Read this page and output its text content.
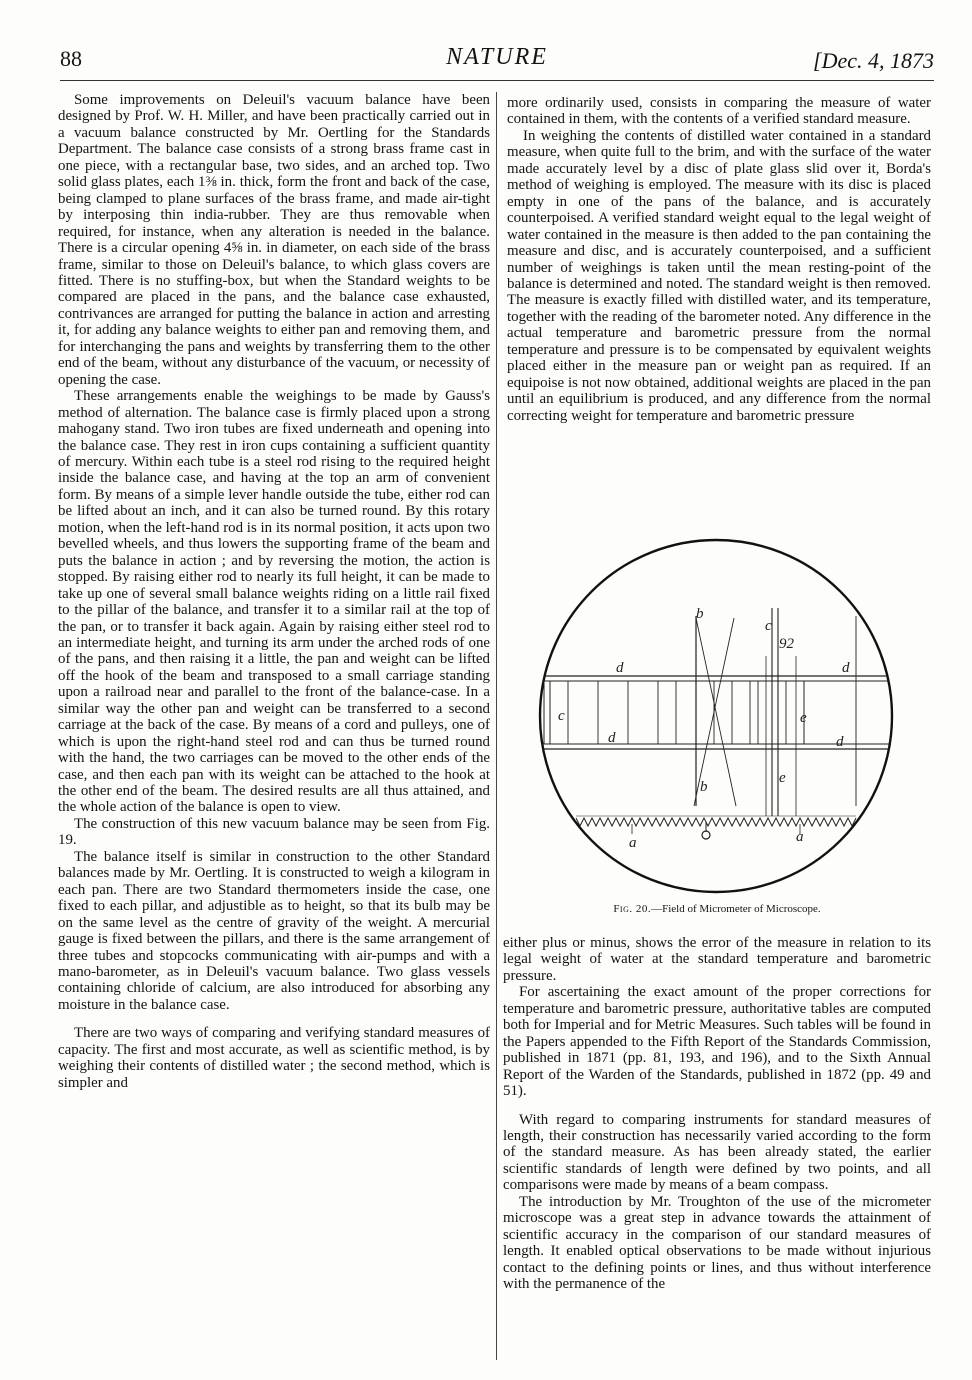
88	NATURE	[Dec. 4, 1873

Some improvements on Deleuil's vacuum balance have been designed by Prof. W. H. Miller, and have been practically carried out in a vacuum balance constructed by Mr. Oertling for the Standards Department. The balance case consists of a strong brass frame cast in one piece, with a rectangular base, two sides, and an arched top. Two solid glass plates, each 1⅜ in. thick, form the front and back of the case, being clamped to plane surfaces of the brass frame, and made air-tight by interposing thin india-rubber. They are thus removable when required, for instance, when any alteration is needed in the balance. There is a circular opening 4⅝ in. in diameter, on each side of the brass frame, similar to those on Deleuil's balance, to which glass covers are fitted. There is no stuffing-box, but when the Standard weights to be compared are placed in the pans, and the balance case exhausted, contrivances are arranged for putting the balance in action and arresting it, for adding any balance weights to either pan and removing them, and for interchanging the pans and weights by transferring them to the other end of the beam, without any disturbance of the vacuum, or necessity of opening the case.

These arrangements enable the weighings to be made by Gauss's method of alternation. The balance case is firmly placed upon a strong mahogany stand. Two iron tubes are fixed underneath and opening into the balance case. They rest in iron cups containing a sufficient quantity of mercury. Within each tube is a steel rod rising to the required height inside the balance case, and having at the top an arm of convenient form. By means of a simple lever handle outside the tube, either rod can be lifted about an inch, and it can also be turned round. By this rotary motion, when the left-hand rod is in its normal position, it acts upon two bevelled wheels, and thus lowers the supporting frame of the beam and puts the balance in action ; and by reversing the motion, the action is stopped. By raising either rod to nearly its full height, it can be made to take up one of several small balance weights riding on a little rail fixed to the pillar of the balance, and transfer it to a similar rail at the top of the pan, or to transfer it back again. Again by raising either steel rod to an intermediate height, and turning its arm under the arched rods of one of the pans, and then raising it a little, the pan and weight can be lifted off the hook of the beam and transposed to a small carriage standing upon a railroad near and parallel to the front of the balance-case. In a similar way the other pan and weight can be transferred to a second carriage at the back of the case. By means of a cord and pulleys, one of which is upon the right-hand steel rod and can thus be turned round with the hand, the two carriages can be moved to the other ends of the case, and then each pan with its weight can be attached to the hook at the other end of the beam. The desired results are all thus attained, and the whole action of the balance is open to view.

The construction of this new vacuum balance may be seen from Fig. 19.

The balance itself is similar in construction to the other Standard balances made by Mr. Oertling. It is constructed to weigh a kilogram in each pan. There are two Standard thermometers inside the case, one fixed to each pillar, and adjustible as to height, so that its bulb may be on the same level as the centre of gravity of the weight. A mercurial gauge is fixed between the pillars, and there is the same arrangement of three tubes and stopcocks communicating with air-pumps and with a mano-barometer, as in Deleuil's vacuum balance. Two glass vessels containing chloride of calcium, are also introduced for absorbing any moisture in the balance case.

There are two ways of comparing and verifying standard measures of capacity. The first and most accurate, as well as scientific method, is by weighing their contents of distilled water ; the second method, which is simpler and

more ordinarily used, consists in comparing the measure of water contained in them, with the contents of a verified standard measure.

In weighing the contents of distilled water contained in a standard measure, when quite full to the brim, and with the surface of the water made accurately level by a disc of plate glass slid over it, Borda's method of weighing is employed. The measure with its disc is placed empty in one of the pans of the balance, and is accurately counterpoised. A verified standard weight equal to the legal weight of water contained in the measure is then added to the pan containing the measure and disc, and is accurately counterpoised, and a sufficient number of weighings is taken until the mean resting-point of the balance is determined and noted. The standard weight is then removed. The measure is exactly filled with distilled water, and its temperature, together with the reading of the barometer noted. Any difference in the actual temperature and barometric pressure from the normal temperature and pressure is to be compensated by equivalent weights placed either in the measure pan or weight pan as required. If an equipoise is not now obtained, additional weights are placed in the pan until an equilibrium is produced, and any difference from the normal correcting weight for temperature and barometric pressure

b
c
92
d	d
c	e
d	d
b
e
a	a
Fig. 20.—Field of Micrometer of Microscope.

either plus or minus, shows the error of the measure in relation to its legal weight of water at the standard temperature and barometric pressure.

For ascertaining the exact amount of the proper corrections for temperature and barometric pressure, authoritative tables are computed both for Imperial and for Metric Measures. Such tables will be found in the Papers appended to the Fifth Report of the Standards Commission, published in 1871 (pp. 81, 193, and 196), and to the Sixth Annual Report of the Warden of the Standards, published in 1872 (pp. 49 and 51).

With regard to comparing instruments for standard measures of length, their construction has necessarily varied according to the form of the standard measure. As has been already stated, the earlier scientific standards of length were defined by two points, and all comparisons were made by means of a beam compass.

The introduction by Mr. Troughton of the use of the micrometer microscope was a great step in advance towards the attainment of scientific accuracy in the comparison of our standard measures of length. It enabled optical observations to be made without injurious contact to the defining points or lines, and thus without interference with the permanence of the
